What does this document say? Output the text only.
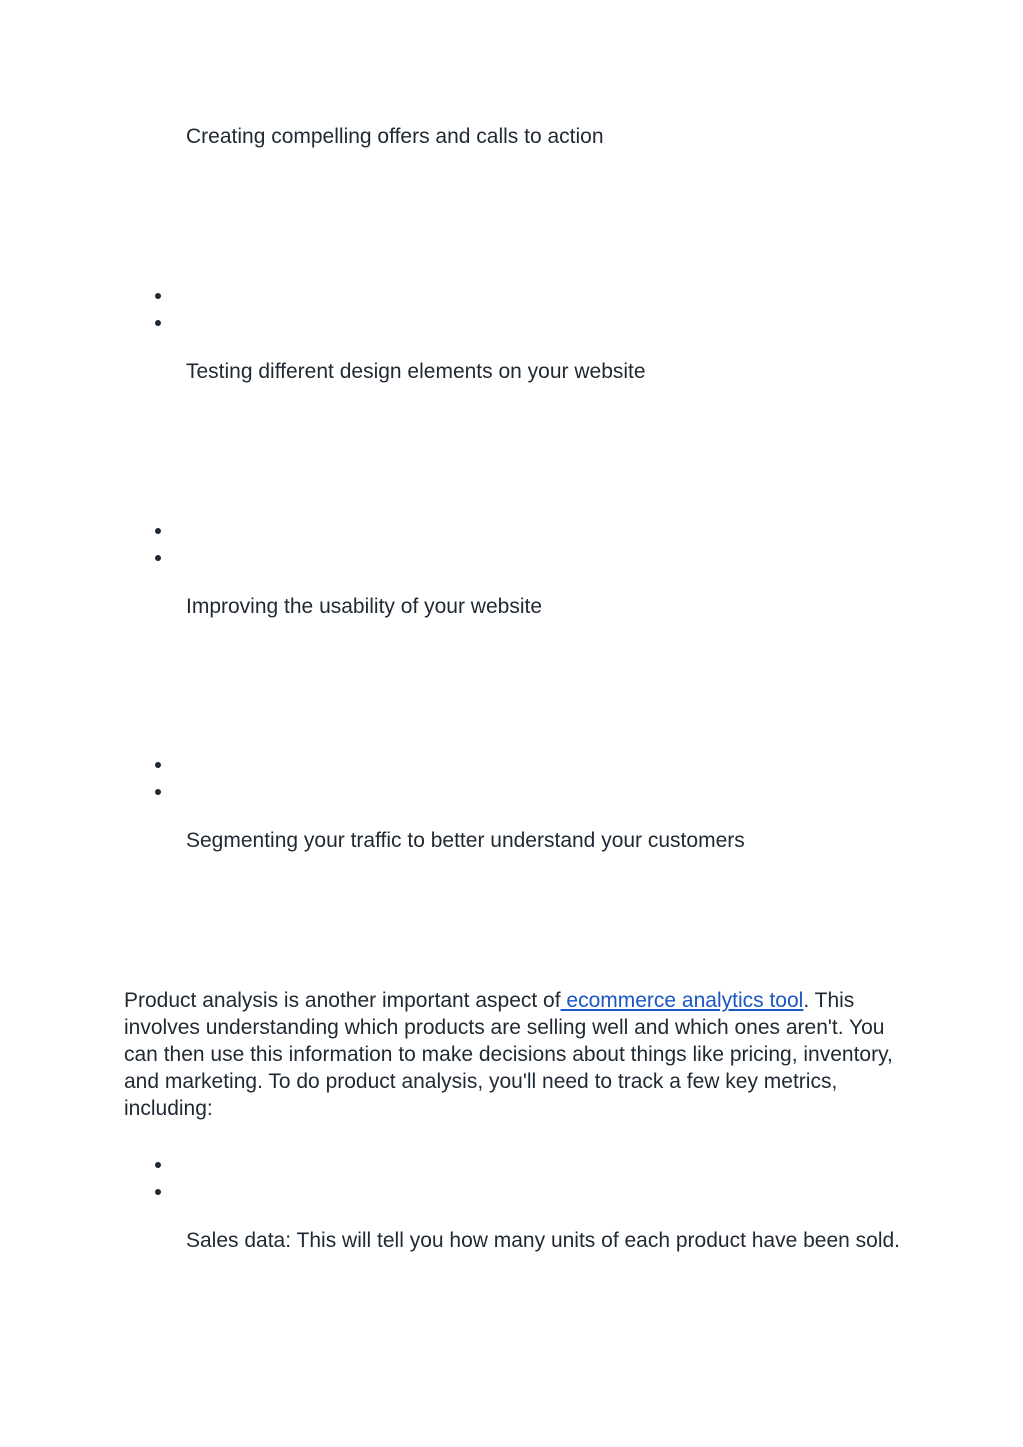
Creating compelling offers and calls to action

Testing different design elements on your website

Improving the usability of your website

Segmenting your traffic to better understand your customers

Product analysis is another important aspect of ecommerce analytics tool. This involves understanding which products are selling well and which ones aren't. You can then use this information to make decisions about things like pricing, inventory, and marketing. To do product analysis, you'll need to track a few key metrics, including:

Sales data: This will tell you how many units of each product have been sold.
